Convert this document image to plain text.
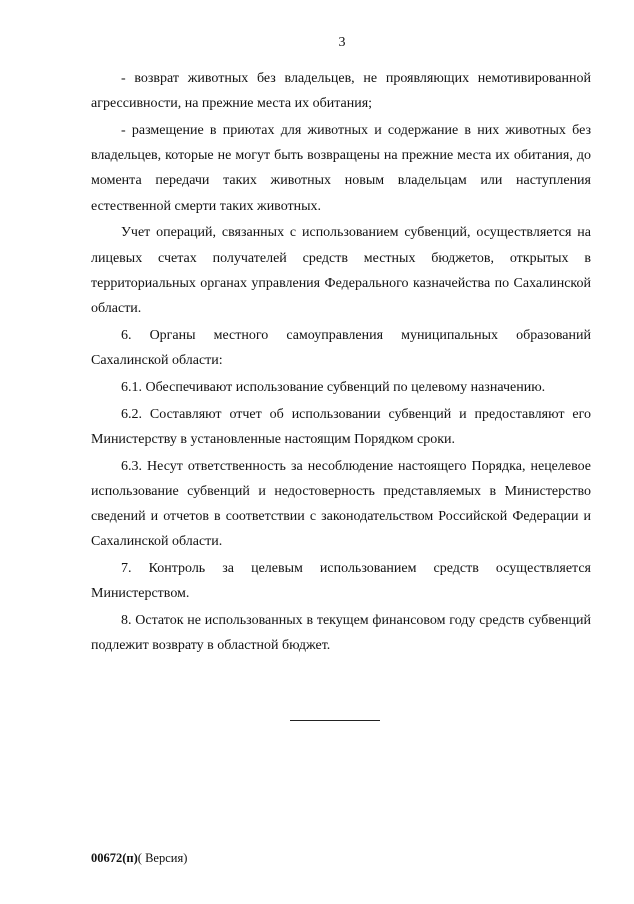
3

- возврат животных без владельцев, не проявляющих немотивированной агрессивности, на прежние места их обитания;

- размещение в приютах для животных и содержание в них животных без владельцев, которые не могут быть возвращены на прежние места их обитания, до момента передачи таких животных новым владельцам или наступления естественной смерти таких животных.

Учет операций, связанных с использованием субвенций, осуществляется на лицевых счетах получателей средств местных бюджетов, открытых в территориальных органах управления Федерального казначейства по Сахалинской области.

6. Органы местного самоуправления муниципальных образований Сахалинской области:

6.1. Обеспечивают использование субвенций по целевому назначению.

6.2. Составляют отчет об использовании субвенций и предоставляют его Министерству в установленные настоящим Порядком сроки.

6.3. Несут ответственность за несоблюдение настоящего Порядка, нецелевое использование субвенций и недостоверность представляемых в Министерство сведений и отчетов в соответствии с законодательством Российской Федерации и Сахалинской области.

7. Контроль за целевым использованием средств осуществляется Министерством.

8. Остаток не использованных в текущем финансовом году средств субвенций подлежит возврату в областной бюджет.

00672(п)( Версия)
